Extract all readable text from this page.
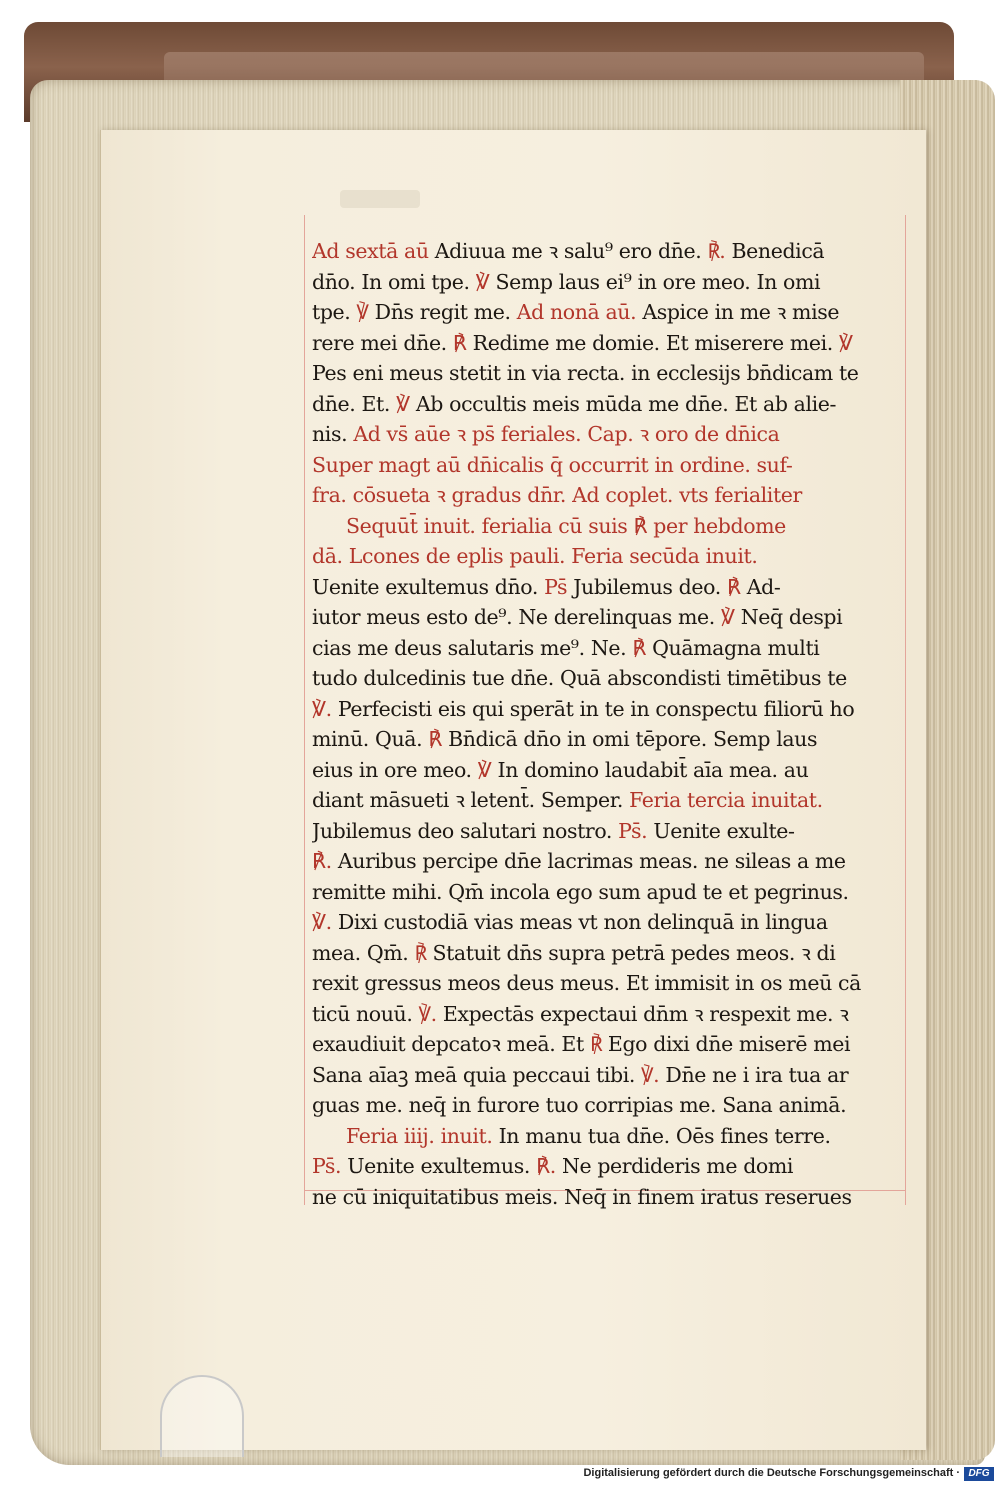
Ad sextā aū Adiuua me ꝛ salu⁹ ero dn̄e. ℟. Benedicā
dn̄o. In omi tpe. ℣ Semp laus ei⁹ in ore meo. In omi
tpe. ℣ Dn̄s regit me. Ad nonā aū. Aspice in me ꝛ mise
rere mei dn̄e. ℟ Redime me domie. Et miserere mei. ℣
Pes eni meus stetit in via recta. in ecclesijs bn̄dicam te
dn̄e. Et. ℣ Ab occultis meis mūda me dn̄e. Et ab alie-
nis. Ad vs̄ aūe ꝛ ps̄ feriales. Cap. ꝛ oro de dn̄ica
Super magt aū dn̄icalis q̄ occurrit in ordine. suf-
fra. cōsueta ꝛ gradus dn̄r. Ad coplet. vts ferialiter
Sequūt̄ inuit. ferialia cū suis ℟ per hebdome
dā. Lcones de eplis pauli. Feria secūda inuit.
Uenite exultemus dn̄o. Ps̄ Jubilemus deo. ℟ Ad-
iutor meus esto de⁹. Ne derelinquas me. ℣ Neq̄ despi
cias me deus salutaris me⁹. Ne. ℟ Quāmagna multi
tudo dulcedinis tue dn̄e. Quā abscondisti timētibus te
℣. Perfecisti eis qui sperāt in te in conspectu filiorū ho
minū. Quā. ℟ Bn̄dicā dn̄o in omi tēpore. Semp laus
eius in ore meo. ℣ In domino laudabit̄ aīa mea. au
diant māsueti ꝛ letent̄. Semper. Feria tercia inuitat.
Jubilemus deo salutari nostro. Ps̄. Uenite exulte-
℟. Auribus percipe dn̄e lacrimas meas. ne sileas a me
remitte mihi. Qm̄ incola ego sum apud te et pegrinus.
℣. Dixi custodiā vias meas vt non delinquā in lingua
mea. Qm̄. ℟ Statuit dn̄s supra petrā pedes meos. ꝛ di
rexit gressus meos deus meus. Et immisit in os meū cā
ticū nouū. ℣. Expectās expectaui dn̄m ꝛ respexit me. ꝛ
exaudiuit depcatoꝛ meā. Et ℟ Ego dixi dn̄e miserē mei
Sana aīaꝫ meā quia peccaui tibi. ℣. Dn̄e ne i ira tua ar
guas me. neq̄ in furore tuo corripias me. Sana animā.
Feria iiij. inuit. In manu tua dn̄e. Oēs fines terre.
Ps̄. Uenite exultemus. ℟. Ne perdideris me domi
ne cū iniquitatibus meis. Neq̄ in finem iratus reserues
Digitalisierung gefördert durch die Deutsche Forschungsgemeinschaft · DFG
